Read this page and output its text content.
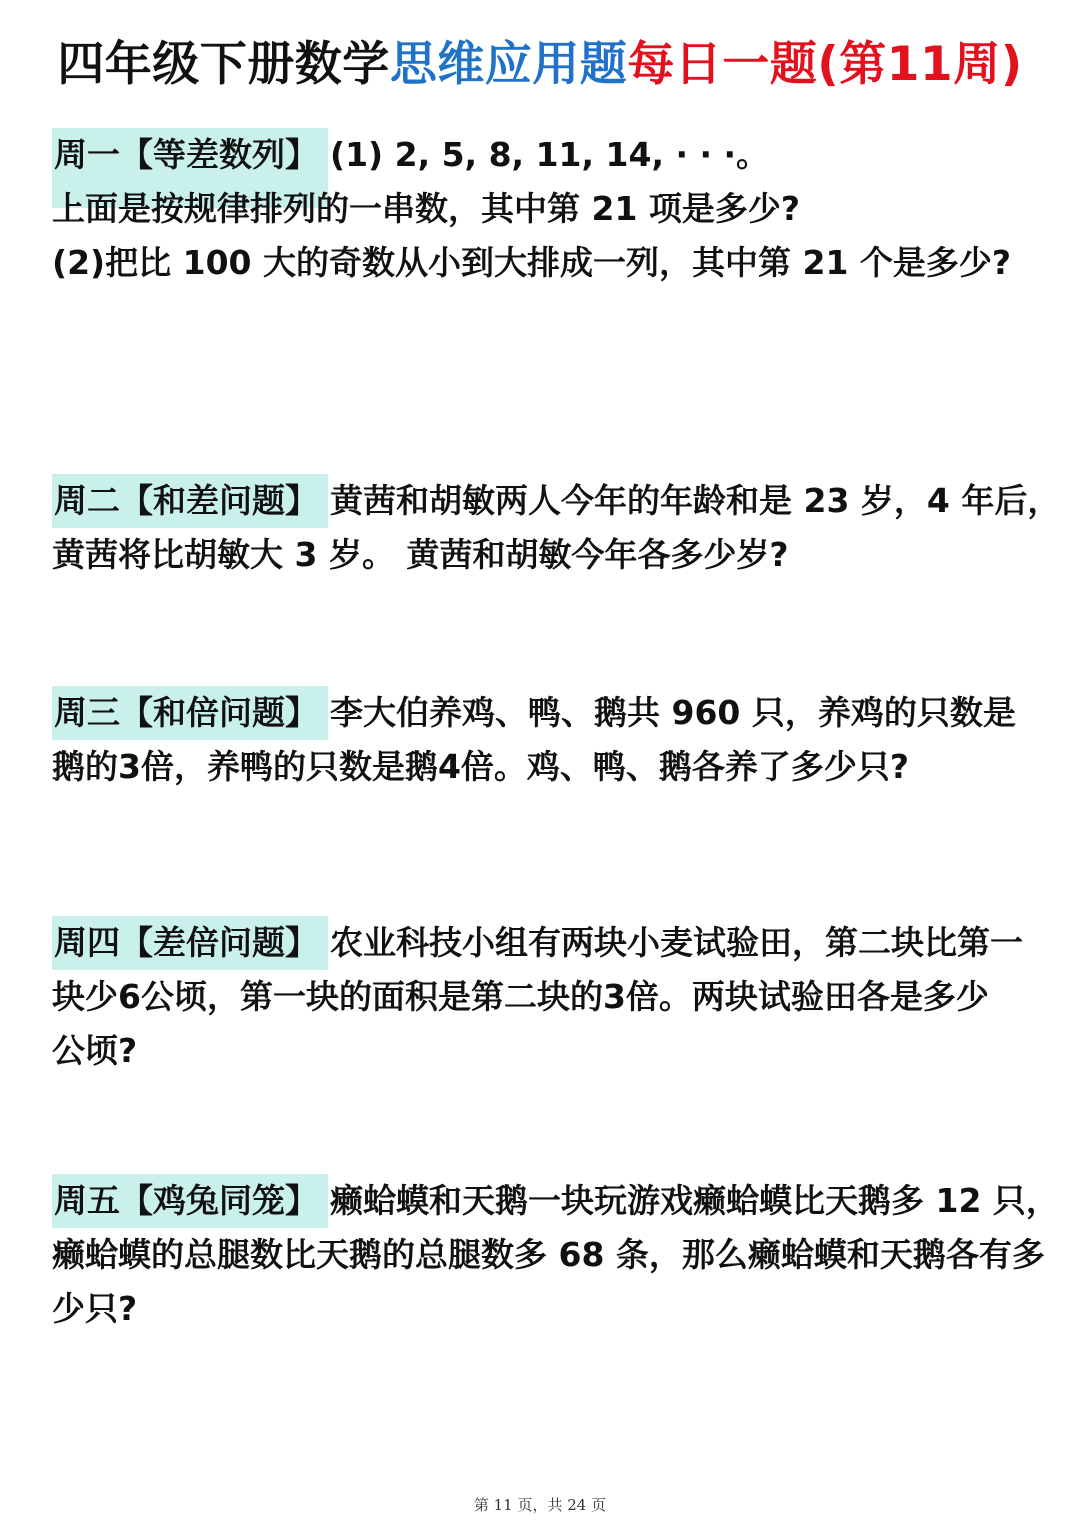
四年级下册数学思维应用题每日一题(第11周)
周一【等差数列】 (1) 2, 5, 8, 11, 14, · · ·。
上面是按规律排列的一串数，其中第 21 项是多少?
(2)把比 100 大的奇数从小到大排成一列，其中第 21 个是多少?
周二【和差问题】 黄茜和胡敏两人今年的年龄和是 23 岁，4 年后，
黄茜将比胡敏大 3 岁。 黄茜和胡敏今年各多少岁?
周三【和倍问题】 李大伯养鸡、鸭、鹅共 960 只，养鸡的只数是
鹅的3倍，养鸭的只数是鹅4倍。鸡、鸭、鹅各养了多少只?
周四【差倍问题】 农业科技小组有两块小麦试验田，第二块比第一
块少6公顷，第一块的面积是第二块的3倍。两块试验田各是多少
公顷?
周五【鸡兔同笼】 癞蛤蟆和天鹅一块玩游戏癞蛤蟆比天鹅多 12 只，
癞蛤蟆的总腿数比天鹅的总腿数多 68 条，那么癞蛤蟆和天鹅各有多
少只?
第 11 页，共 24 页
